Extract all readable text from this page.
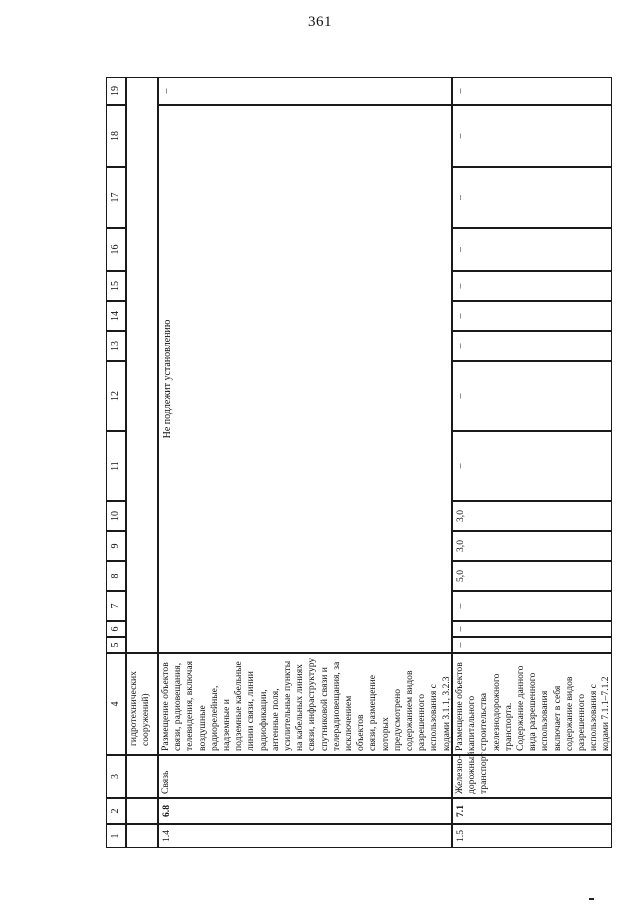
361
1
2
3
4
5
6
7
8
9
10
11
12
13
14
15
16
17
18
19
гидротехнических
сооружений)
1.4
6.8
Связь
Размещение объектов
связи, радиовещания,
телевидения, включая
воздушные
радиорелейные,
надземные и
подземные кабельные
линии связи, линии
радиофикации,
антенные поля,
усилительные пункты
на кабельных линиях
связи, инфраструктуру
спутниковой связи и
телерадиовещания, за
исключением объектов
связи, размещение
которых
предусмотрено
содержанием видов
разрешенного
использования с
кодами 3.1.1, 3.2.3
Не подлежит установлению
–
1.5
7.1
Железно-
дорожный
транспорт
Размещение объектов
капитального
строительства
железнодорожного
транспорта.
Содержание данного
вида разрешенного
использования
включает в себя
содержание видов
разрешенного
использования с
кодами 7.1.1–7.1.2
–
–
–
5,0
3,0
3,0
–
–
–
–
–
–
–
–
–
